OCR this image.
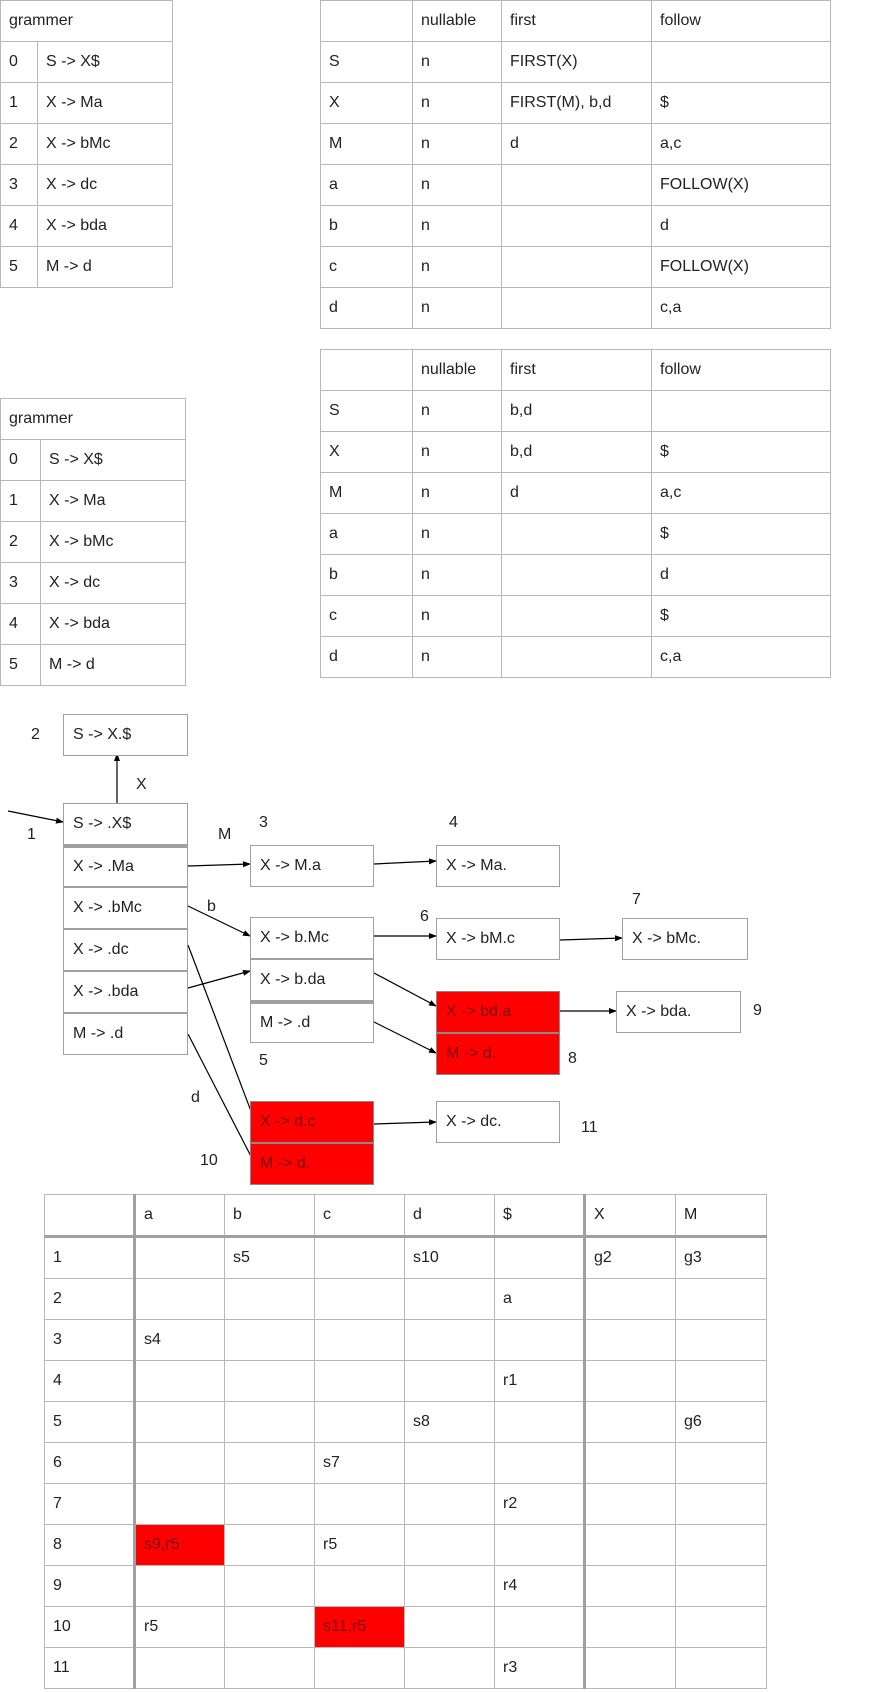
grammer	
0	S -> X$
1	X -> Ma
2	X -> bMc
3	X -> dc
4	X -> bda
5	M -> d
	nullable	first	follow
S	n	FIRST(X)	
X	n	FIRST(M), b,d	$
M	n	d	a,c
a	n		FOLLOW(X)
b	n		d
c	n		FOLLOW(X)
d	n		c,a
	nullable	first	follow
S	n	b,d	
X	n	b,d	$
M	n	d	a,c
a	n		$
b	n		d
c	n		$
d	n		c,a
grammer	
0	S -> X$
1	X -> Ma
2	X -> bMc
3	X -> dc
4	X -> bda
5	M -> d
S -> X.$
S -> .X$
X -> .Ma
X -> .bMc
X -> .dc
X -> .bda
M -> .d
X -> M.a	X -> Ma.
X -> b.Mc
X -> b.da
M -> .d
X -> bM.c	X -> bMc.
X -> bd.a
M -> d.
X -> bda.
X -> d.c
M -> d.
X -> dc.
2
1
3	4
5
6
7
8
9
10
11
X
M
b
d
	a	b	c	d	$	X	M
1		s5		s10		g2	g3
2					a		
3	s4						
4					r1		
5				s8			g6
6			s7				
7					r2		
8	s9,r5		r5				
9					r4		
10	r5		s11,r5				
11					r3		
